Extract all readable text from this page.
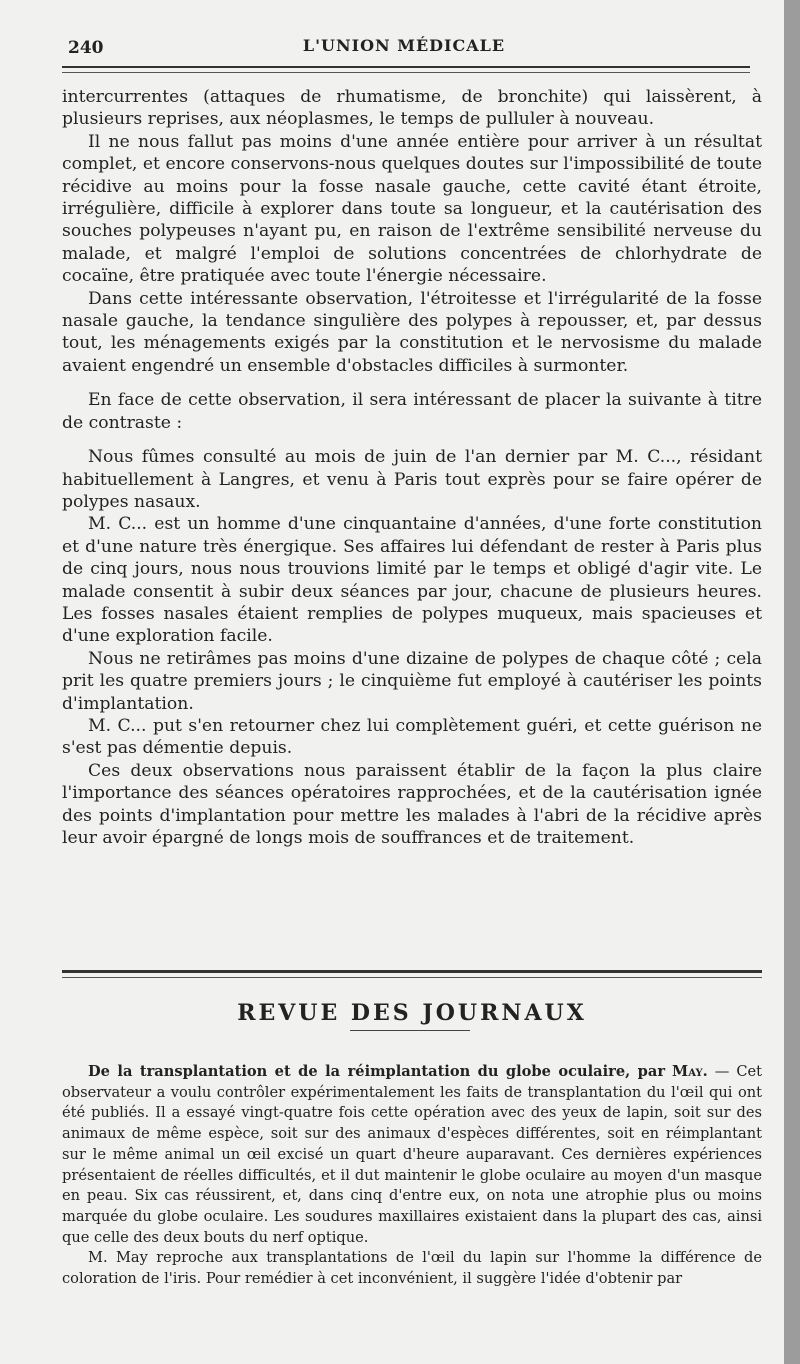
240	L'UNION MÉDICALE

intercurrentes (attaques de rhumatisme, de bronchite) qui laissèrent, à plusieurs reprises, aux néoplasmes, le temps de pulluler à nouveau.

Il ne nous fallut pas moins d'une année entière pour arriver à un résultat complet, et encore conservons-nous quelques doutes sur l'impossibilité de toute récidive au moins pour la fosse nasale gauche, cette cavité étant étroite, irrégulière, difficile à explorer dans toute sa longueur, et la cautérisation des souches polypeuses n'ayant pu, en raison de l'extrême sensibilité nerveuse du malade, et malgré l'emploi de solutions concentrées de chlorhydrate de cocaïne, être pratiquée avec toute l'énergie nécessaire.

Dans cette intéressante observation, l'étroitesse et l'irrégularité de la fosse nasale gauche, la tendance singulière des polypes à repousser, et, par dessus tout, les ménagements exigés par la constitution et le nervosisme du malade avaient engendré un ensemble d'obstacles difficiles à surmonter.

En face de cette observation, il sera intéressant de placer la suivante à titre de contraste :

Nous fûmes consulté au mois de juin de l'an dernier par M. C..., résidant habituellement à Langres, et venu à Paris tout exprès pour se faire opérer de polypes nasaux.

M. C... est un homme d'une cinquantaine d'années, d'une forte constitution et d'une nature très énergique. Ses affaires lui défendant de rester à Paris plus de cinq jours, nous nous trouvions limité par le temps et obligé d'agir vite. Le malade consentit à subir deux séances par jour, chacune de plusieurs heures. Les fosses nasales étaient remplies de polypes muqueux, mais spacieuses et d'une exploration facile.

Nous ne retirâmes pas moins d'une dizaine de polypes de chaque côté ; cela prit les quatre premiers jours ; le cinquième fut employé à cautériser les points d'implantation.

M. C... put s'en retourner chez lui complètement guéri, et cette guérison ne s'est pas démentie depuis.

Ces deux observations nous paraissent établir de la façon la plus claire l'importance des séances opératoires rapprochées, et de la cautérisation ignée des points d'implantation pour mettre les malades à l'abri de la récidive après leur avoir épargné de longs mois de souffrances et de traitement.

REVUE DES JOURNAUX

De la transplantation et de la réimplantation du globe oculaire, par May. — Cet observateur a voulu contrôler expérimentalement les faits de transplantation du l'œil qui ont été publiés. Il a essayé vingt-quatre fois cette opération avec des yeux de lapin, soit sur des animaux de même espèce, soit sur des animaux d'espèces différentes, soit en réimplantant sur le même animal un œil excisé un quart d'heure auparavant. Ces dernières expériences présentaient de réelles difficultés, et il dut maintenir le globe oculaire au moyen d'un masque en peau. Six cas réussirent, et, dans cinq d'entre eux, on nota une atrophie plus ou moins marquée du globe oculaire. Les soudures maxillaires existaient dans la plupart des cas, ainsi que celle des deux bouts du nerf optique.

M. May reproche aux transplantations de l'œil du lapin sur l'homme la différence de coloration de l'iris. Pour remédier à cet inconvénient, il suggère l'idée d'obtenir par
